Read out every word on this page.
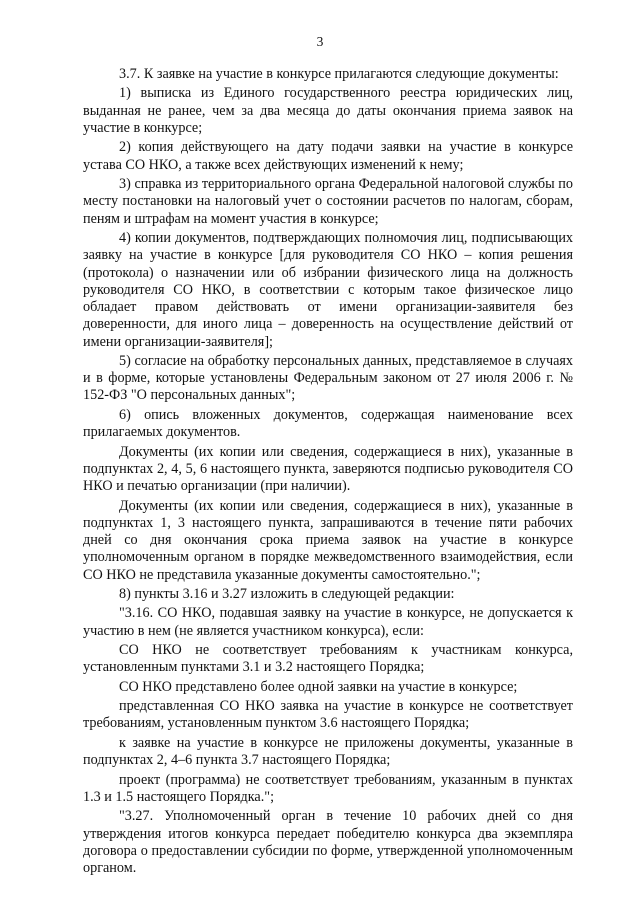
3

3.7. К заявке на участие в конкурсе прилагаются следующие документы:

1) выписка из Единого государственного реестра юридических лиц, выданная не ранее, чем за два месяца до даты окончания приема заявок на участие в конкурсе;

2) копия действующего на дату подачи заявки на участие в конкурсе устава СО НКО, а также всех действующих изменений к нему;

3) справка из территориального органа Федеральной налоговой службы по месту постановки на налоговый учет о состоянии расчетов по налогам, сборам, пеням и штрафам на момент участия в конкурсе;

4) копии документов, подтверждающих полномочия лиц, подписывающих заявку на участие в конкурсе [для руководителя СО НКО – копия решения (протокола) о назначении или об избрании физического лица на должность руководителя СО НКО, в соответствии с которым такое физическое лицо обладает правом действовать от имени организации-заявителя без доверенности, для иного лица – доверенность на осуществление действий от имени организации-заявителя];

5) согласие на обработку персональных данных, представляемое в случаях и в форме, которые установлены Федеральным законом от 27 июля 2006 г. № 152-ФЗ "О персональных данных";

6) опись вложенных документов, содержащая наименование всех прилагаемых документов.

Документы (их копии или сведения, содержащиеся в них), указанные в подпунктах 2, 4, 5, 6 настоящего пункта, заверяются подписью руководителя СО НКО и печатью организации (при наличии).

Документы (их копии или сведения, содержащиеся в них), указанные в подпунктах 1, 3 настоящего пункта, запрашиваются в течение пяти рабочих дней со дня окончания срока приема заявок на участие в конкурсе уполномоченным органом в порядке межведомственного взаимодействия, если СО НКО не представила указанные документы самостоятельно.";

8) пункты 3.16 и 3.27 изложить в следующей редакции:

"3.16. СО НКО, подавшая заявку на участие в конкурсе, не допускается к участию в нем (не является участником конкурса), если:

СО НКО не соответствует требованиям к участникам конкурса, установленным пунктами 3.1 и 3.2 настоящего Порядка;

СО НКО представлено более одной заявки на участие в конкурсе;

представленная СО НКО заявка на участие в конкурсе не соответствует требованиям, установленным пунктом 3.6 настоящего Порядка;

к заявке на участие в конкурсе не приложены документы, указанные в подпунктах 2, 4–6 пункта 3.7 настоящего Порядка;

проект (программа) не соответствует требованиям, указанным в пунктах 1.3 и 1.5 настоящего Порядка.";

"3.27. Уполномоченный орган в течение 10 рабочих дней со дня утверждения итогов конкурса передает победителю конкурса два экземпляра договора о предоставлении субсидии по форме, утвержденной уполномоченным органом.
